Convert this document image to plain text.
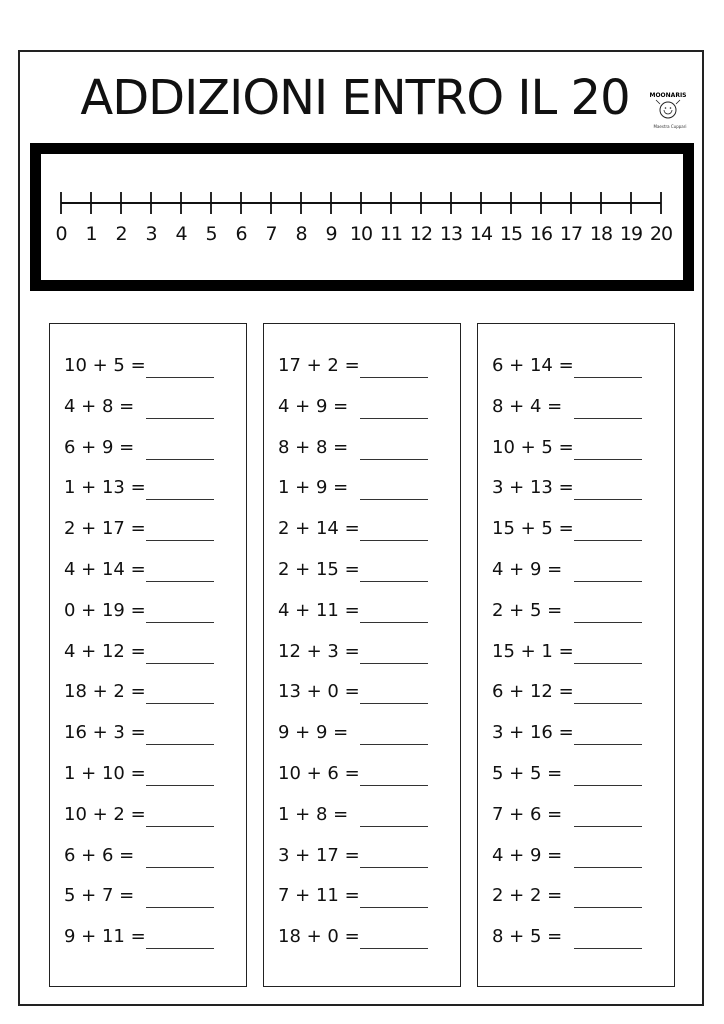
ADDIZIONI ENTRO IL 20	MOONARIS
Maestra Cuppari
0 1 2 3 4 5 6 7 8 9 10 11 12 13 14 15 16 17 18 19 20
10 + 5 =
4 + 8 =
6 + 9 =
1 + 13 =
2 + 17 =
4 + 14 =
0 + 19 =
4 + 12 =
18 + 2 =
16 + 3 =
1 + 10 =
10 + 2 =
6 + 6 =
5 + 7 =
9 + 11 =
17 + 2 =
4 + 9 =
8 + 8 =
1 + 9 =
2 + 14 =
2 + 15 =
4 + 11 =
12 + 3 =
13 + 0 =
9 + 9 =
10 + 6 =
1 + 8 =
3 + 17 =
7 + 11 =
18 + 0 =
6 + 14 =
8 + 4 =
10 + 5 =
3 + 13 =
15 + 5 =
4 + 9 =
2 + 5 =
15 + 1 =
6 + 12 =
3 + 16 =
5 + 5 =
7 + 6 =
4 + 9 =
2 + 2 =
8 + 5 =
